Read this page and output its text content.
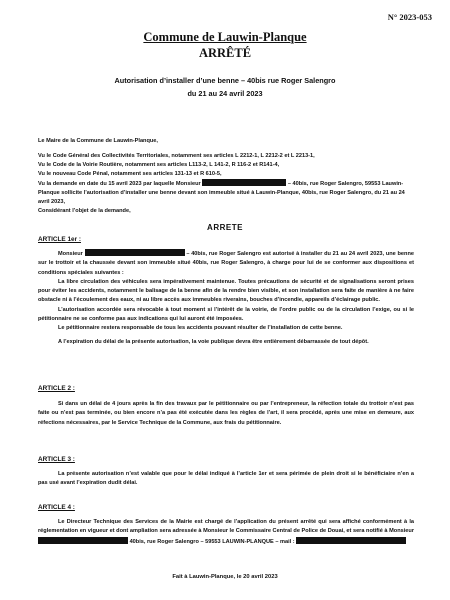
N° 2023-053

Commune de Lauwin-Planque

ARRÊTÉ

Autorisation d’installer d’une benne – 40bis rue Roger Salengro
du 21 au 24 avril 2023
Le Maire de la Commune de Lauwin-Planque,

Vu le Code Général des Collectivités Territoriales, notamment ses articles L 2212-1, L 2212-2 et L 2213-1,

Vu le Code de la Voirie Routière, notamment ses articles L113-2, L 141-2, R 116-2 et R141-4,

Vu le nouveau Code Pénal, notamment ses articles 131-13 et R 610-5,

Vu la demande en date du 15 avril 2023 par laquelle Monsieur	– 40bis, rue Roger Salengro, 59553 Lauwin-Planque sollicite l’autorisation d’installer une benne devant son immeuble situé à Lauwin-Planque, 40bis, rue Roger Salengro, du 21 au 24 avril 2023,

Considérant l’objet de la demande,

ARRETE
ARTICLE 1er :

Monsieur	– 40bis, rue Roger Salengro est autorisé à installer du 21 au 24 avril 2023, une benne sur le trottoir et la chaussée devant son immeuble situé 40bis, rue Roger Salengro, à charge pour lui de se conformer aux dispositions et conditions spéciales suivantes :

La libre circulation des véhicules sera impérativement maintenue. Toutes précautions de sécurité et de signalisations seront prises pour éviter les accidents, notamment le balisage de la benne afin de la rendre bien visible, et son installation sera faite de manière à ne faire obstacle ni à l’écoulement des eaux, ni au libre accès aux immeubles riverains, bouches d’incendie, appareils d’éclairage public.

L’autorisation accordée sera révocable à tout moment si l’intérêt de la voirie, de l’ordre public ou de la circulation l’exige, ou si le pétitionnaire ne se conforme pas aux indications qui lui auront été imposées.

Le pétitionnaire restera responsable de tous les accidents pouvant résulter de l’installation de cette benne.

A l’expiration du délai de la présente autorisation, la voie publique devra être entièrement débarrassée de tout dépôt.

ARTICLE 2 :

Si dans un délai de 4 jours après la fin des travaux par le pétitionnaire ou par l’entrepreneur, la réfection totale du trottoir n’est pas faite ou n’est pas terminée, ou bien encore n’a pas été exécutée dans les règles de l’art, il sera procédé, après une mise en demeure, aux réfections nécessaires, par le Service Technique de la Commune, aux frais du pétitionnaire.

ARTICLE 3 :

La présente autorisation n’est valable que pour le délai indiqué à l’article 1er et sera périmée de plein droit si le bénéficiaire n’en a pas usé avant l’expiration dudit délai.

ARTICLE 4 :

Le Directeur Technique des Services de la Mairie est chargé de l’application du présent arrêté qui sera affiché conformément à la réglementation en vigueur et dont ampliation sera adressée à Monsieur le Commissaire Central de Police de Douai, et sera notifié à Monsieur  40bis, rue Roger Salengro – 59553 LAUWIN-PLANQUE – mail :

Fait à Lauwin-Planque, le 20 avril 2023
